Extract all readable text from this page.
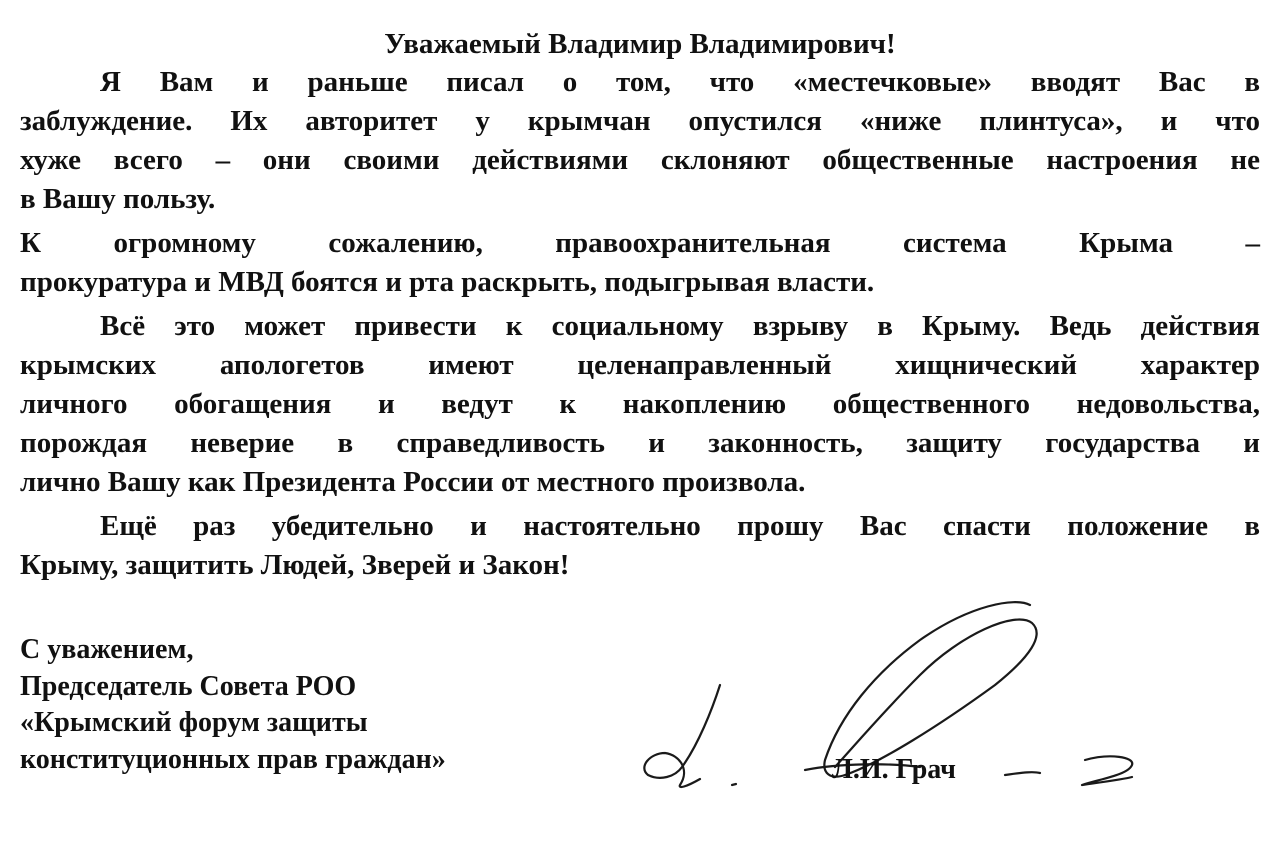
Уважаемый Владимир Владимирович!
Я Вам и раньше писал о том, что «местечковые» вводят Вас в
заблуждение. Их авторитет у крымчан опустился «ниже плинтуса», и что
хуже всего – они своими действиями склоняют общественные настроения не
в Вашу пользу.
К огромному сожалению, правоохранительная система Крыма –
прокуратура и МВД боятся и рта раскрыть, подыгрывая власти.
Всё это может привести к социальному взрыву в Крыму. Ведь действия
крымских апологетов имеют целенаправленный хищнический характер
личного обогащения и ведут к накоплению общественного недовольства,
порождая неверие в справедливость и законность, защиту государства и
лично Вашу как Президента России от местного произвола.
Ещё раз убедительно и настоятельно прошу Вас спасти положение в
Крыму, защитить Людей, Зверей и Закон!
С уважением,
Председатель Совета РОО
«Крымский форум защиты
конституционных прав граждан»	Л.И. Грач
